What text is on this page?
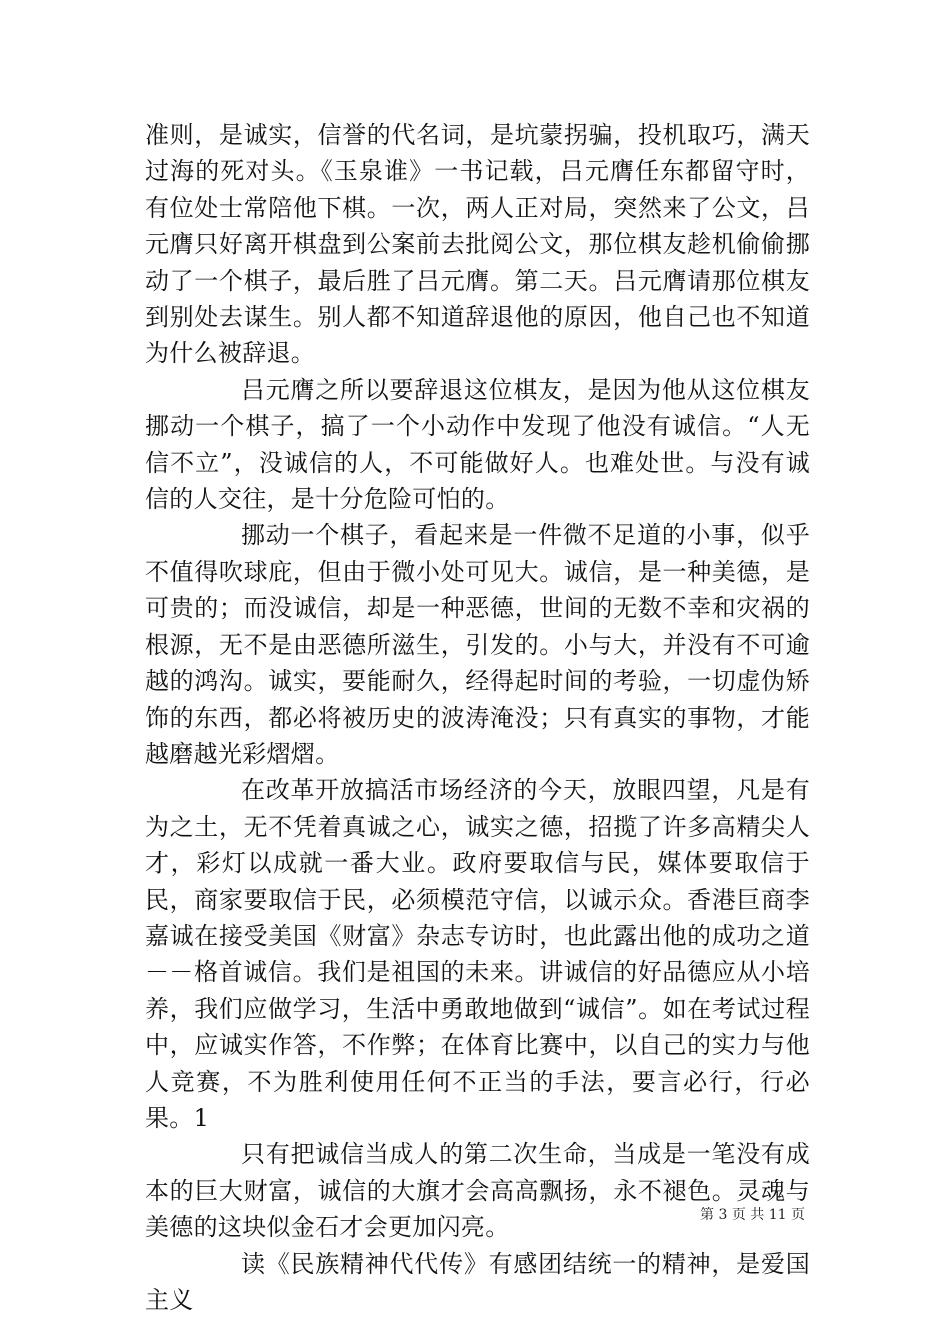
准则，是诚实，信誉的代名词，是坑蒙拐骗，投机取巧，满天过海的死对头。《玉泉谁》一书记载，吕元膺任东都留守时，有位处士常陪他下棋。一次，两人正对局，突然来了公文，吕元膺只好离开棋盘到公案前去批阅公文，那位棋友趁机偷偷挪动了一个棋子，最后胜了吕元膺。第二天。吕元膺请那位棋友到别处去谋生。别人都不知道辞退他的原因，他自己也不知道为什么被辞退。

吕元膺之所以要辞退这位棋友，是因为他从这位棋友挪动一个棋子，搞了一个小动作中发现了他没有诚信。“人无信不立”，没诚信的人，不可能做好人。也难处世。与没有诚信的人交往，是十分危险可怕的。

挪动一个棋子，看起来是一件微不足道的小事，似乎不值得吹球庇，但由于微小处可见大。诚信，是一种美德，是可贵的；而没诚信，却是一种恶德，世间的无数不幸和灾祸的根源，无不是由恶德所滋生，引发的。小与大，并没有不可逾越的鸿沟。诚实，要能耐久，经得起时间的考验，一切虚伪矫饰的东西，都必将被历史的波涛淹没；只有真实的事物，才能越磨越光彩熠熠。

在改革开放搞活市场经济的今天，放眼四望，凡是有为之土，无不凭着真诚之心，诚实之德，招揽了许多高精尖人才，彩灯以成就一番大业。政府要取信与民，媒体要取信于民，商家要取信于民，必须模范守信，以诚示众。香港巨商李嘉诚在接受美国《财富》杂志专访时，也此露出他的成功之道－－格首诚信。我们是祖国的未来。讲诚信的好品德应从小培养，我们应做学习，生活中勇敢地做到“诚信”。如在考试过程中，应诚实作答，不作弊；在体育比赛中，以自己的实力与他人竞赛，不为胜利使用任何不正当的手法，要言必行，行必果。1

只有把诚信当成人的第二次生命，当成是一笔没有成本的巨大财富，诚信的大旗才会高高飘扬，永不褪色。灵魂与美德的这块似金石才会更加闪亮。

读《民族精神代代传》有感团结统一的精神，是爱国主义

第 3 页 共 11 页
